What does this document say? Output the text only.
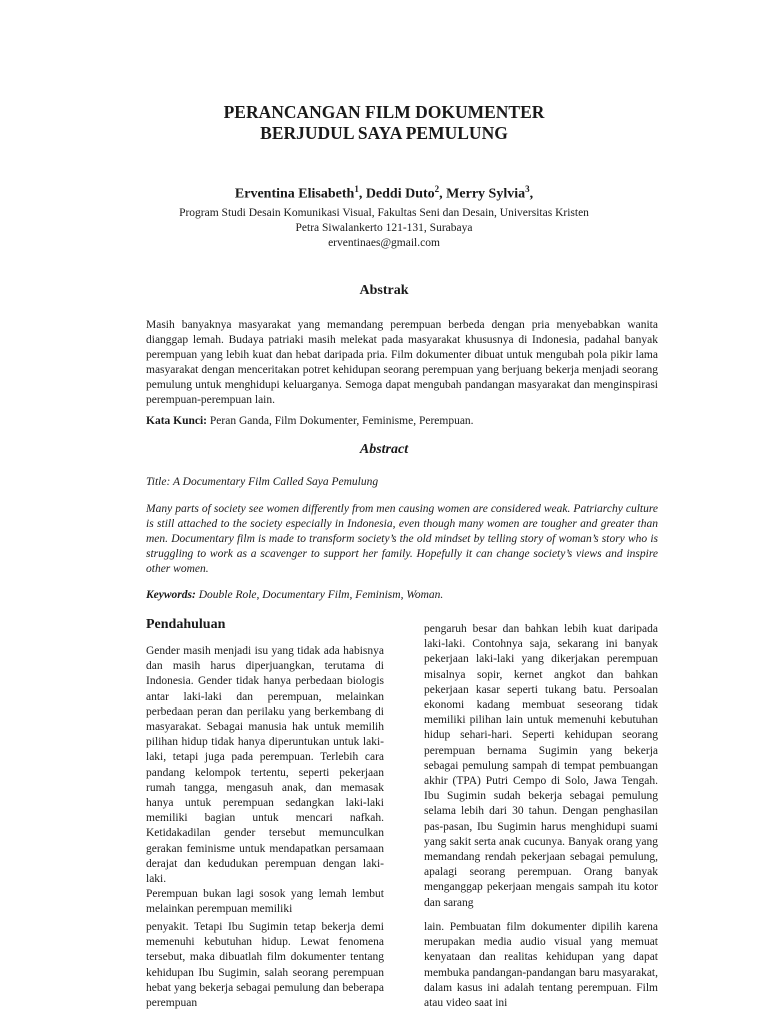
PERANCANGAN FILM DOKUMENTER
BERJUDUL SAYA PEMULUNG
Erventina Elisabeth$^1$, Deddi Duto$^2$, Merry Sylvia$^3$,
Program Studi Desain Komunikasi Visual, Fakultas Seni dan Desain, Universitas Kristen
Petra Siwalankerto 121-131, Surabaya
erventinaes@gmail.com
Abstrak
Masih banyaknya masyarakat yang memandang perempuan berbeda dengan pria menyebabkan wanita dianggap lemah. Budaya patriaki masih melekat pada masyarakat khususnya di Indonesia, padahal banyak perempuan yang lebih kuat dan hebat daripada pria. Film dokumenter dibuat untuk mengubah pola pikir lama masyarakat dengan menceritakan potret kehidupan seorang perempuan yang berjuang bekerja menjadi seorang pemulung untuk menghidupi keluarganya. Semoga dapat mengubah pandangan masyarakat dan menginspirasi perempuan-perempuan lain.
Kata Kunci: Peran Ganda, Film Dokumenter, Feminisme, Perempuan.
Abstract
Title: A Documentary Film Called Saya Pemulung
Many parts of society see women differently from men causing women are considered weak. Patriarchy culture is still attached to the society especially in Indonesia, even though many women are tougher and greater than men. Documentary film is made to transform society’s the old mindset by telling story of woman’s story who is struggling to work as a scavenger to support her family. Hopefully it can change society’s views and inspire other women.
Keywords: Double Role, Documentary Film, Feminism, Woman.
Pendahuluan
Gender masih menjadi isu yang tidak ada habisnya dan masih harus diperjuangkan, terutama di Indonesia. Gender tidak hanya perbedaan biologis antar laki-laki dan perempuan, melainkan perbedaan peran dan perilaku yang berkembang di masyarakat. Sebagai manusia hak untuk memilih pilihan hidup tidak hanya diperuntukan untuk laki-laki, tetapi juga pada perempuan. Terlebih cara pandang kelompok tertentu, seperti pekerjaan rumah tangga, mengasuh anak, dan memasak hanya untuk perempuan sedangkan laki-laki memiliki bagian untuk mencari nafkah. Ketidakadilan gender tersebut memunculkan gerakan feminisme untuk mendapatkan persamaan derajat dan kedudukan perempuan dengan laki-laki.
Perempuan bukan lagi sosok yang lemah lembut melainkan perempuan memiliki
pengaruh besar dan bahkan lebih kuat daripada laki-laki. Contohnya saja, sekarang ini banyak pekerjaan laki-laki yang dikerjakan perempuan misalnya sopir, kernet angkot dan bahkan pekerjaan kasar seperti tukang batu. Persoalan ekonomi kadang membuat seseorang tidak memiliki pilihan lain untuk memenuhi kebutuhan hidup sehari-hari. Seperti kehidupan seorang perempuan bernama Sugimin yang bekerja sebagai pemulung sampah di tempat pembuangan akhir (TPA) Putri Cempo di Solo, Jawa Tengah. Ibu Sugimin sudah bekerja sebagai pemulung selama lebih dari 30 tahun. Dengan penghasilan pas-pasan, Ibu Sugimin harus menghidupi suami yang sakit serta anak cucunya. Banyak orang yang memandang rendah pekerjaan sebagai pemulung, apalagi seorang perempuan. Orang banyak menganggap pekerjaan mengais sampah itu kotor dan sarang
penyakit. Tetapi Ibu Sugimin tetap bekerja demi memenuhi kebutuhan hidup. Lewat fenomena tersebut, maka dibuatlah film dokumenter tentang kehidupan Ibu Sugimin, salah seorang perempuan hebat yang bekerja sebagai pemulung dan beberapa perempuan
lain. Pembuatan film dokumenter dipilih karena merupakan media audio visual yang memuat kenyataan dan realitas kehidupan yang dapat membuka pandangan-pandangan baru masyarakat, dalam kasus ini adalah tentang perempuan. Film atau video saat ini
